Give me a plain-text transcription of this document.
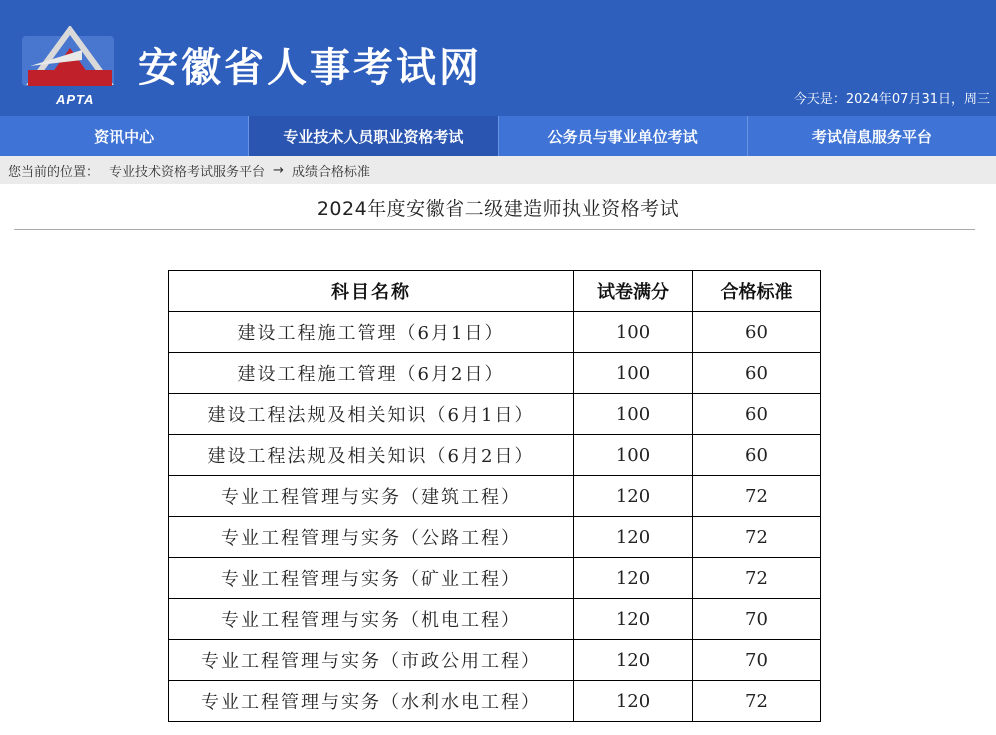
APTA
安徽省人事考试网
今天是：2024年07月31日，周三
资讯中心	专业技术人员职业资格考试	公务员与事业单位考试	考试信息服务平台
您当前的位置： 专业技术资格考试服务平台 → 成绩合格标准
2024年度安徽省二级建造师执业资格考试
科目名称	试卷满分	合格标准
建设工程施工管理（6月1日）	100	60
建设工程施工管理（6月2日）	100	60
建设工程法规及相关知识（6月1日）	100	60
建设工程法规及相关知识（6月2日）	100	60
专业工程管理与实务（建筑工程）	120	72
专业工程管理与实务（公路工程）	120	72
专业工程管理与实务（矿业工程）	120	72
专业工程管理与实务（机电工程）	120	70
专业工程管理与实务（市政公用工程）	120	70
专业工程管理与实务（水利水电工程）	120	72
